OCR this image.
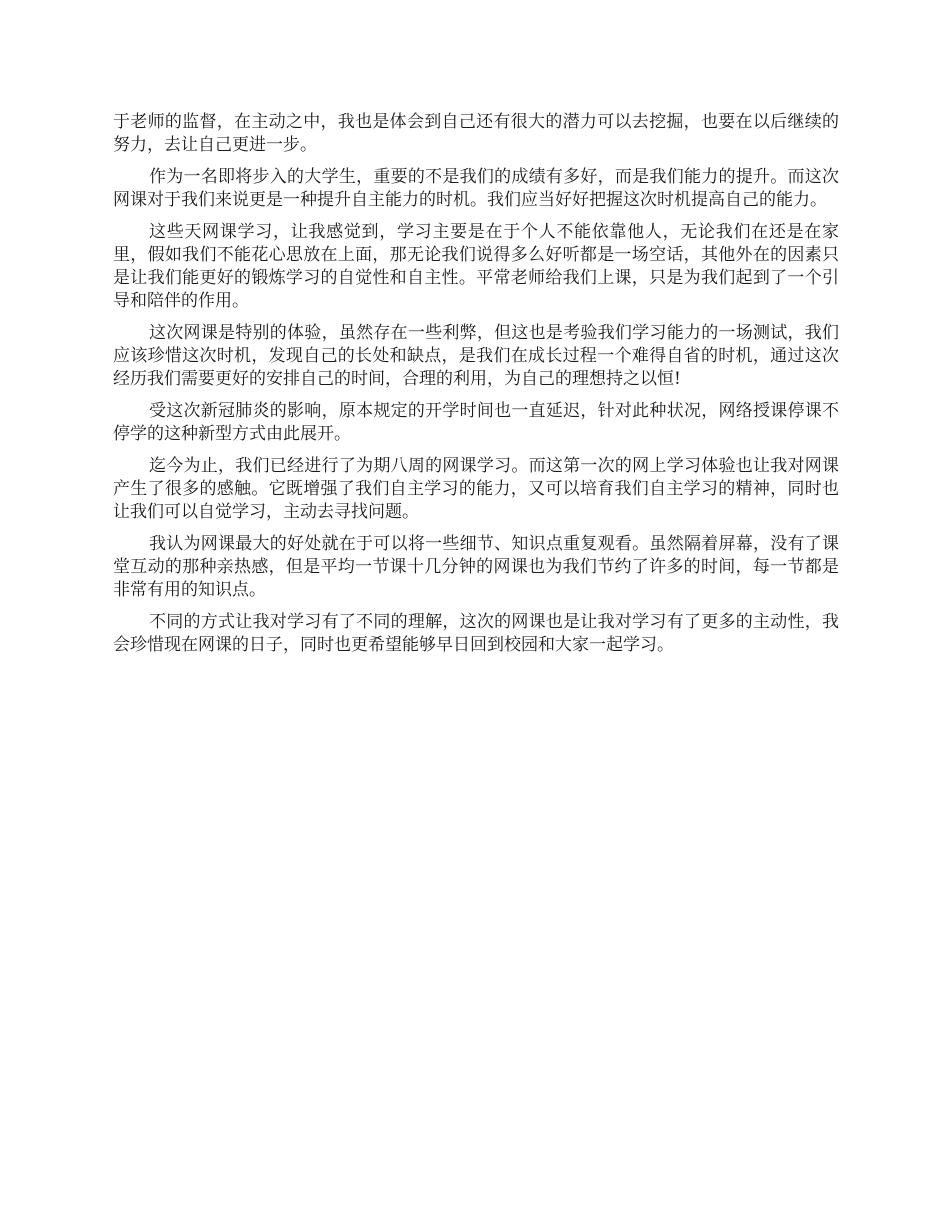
于老师的监督，在主动之中，我也是体会到自己还有很大的潜力可以去挖掘，也要在以后继续的努力，去让自己更进一步。

作为一名即将步入的大学生，重要的不是我们的成绩有多好，而是我们能力的提升。而这次网课对于我们来说更是一种提升自主能力的时机。我们应当好好把握这次时机提高自己的能力。

这些天网课学习，让我感觉到，学习主要是在于个人不能依靠他人，无论我们在还是在家里，假如我们不能花心思放在上面，那无论我们说得多么好听都是一场空话，其他外在的因素只是让我们能更好的锻炼学习的自觉性和自主性。平常老师给我们上课，只是为我们起到了一个引导和陪伴的作用。

这次网课是特别的体验，虽然存在一些利弊，但这也是考验我们学习能力的一场测试，我们应该珍惜这次时机，发现自己的长处和缺点，是我们在成长过程一个难得自省的时机，通过这次经历我们需要更好的安排自己的时间，合理的利用，为自己的理想持之以恒!

受这次新冠肺炎的影响，原本规定的开学时间也一直延迟，针对此种状况，网络授课停课不停学的这种新型方式由此展开。

迄今为止，我们已经进行了为期八周的网课学习。而这第一次的网上学习体验也让我对网课产生了很多的感触。它既增强了我们自主学习的能力，又可以培育我们自主学习的精神，同时也让我们可以自觉学习，主动去寻找问题。

我认为网课最大的好处就在于可以将一些细节、知识点重复观看。虽然隔着屏幕，没有了课堂互动的那种亲热感，但是平均一节课十几分钟的网课也为我们节约了许多的时间，每一节都是非常有用的知识点。

不同的方式让我对学习有了不同的理解，这次的网课也是让我对学习有了更多的主动性，我会珍惜现在网课的日子，同时也更希望能够早日回到校园和大家一起学习。
